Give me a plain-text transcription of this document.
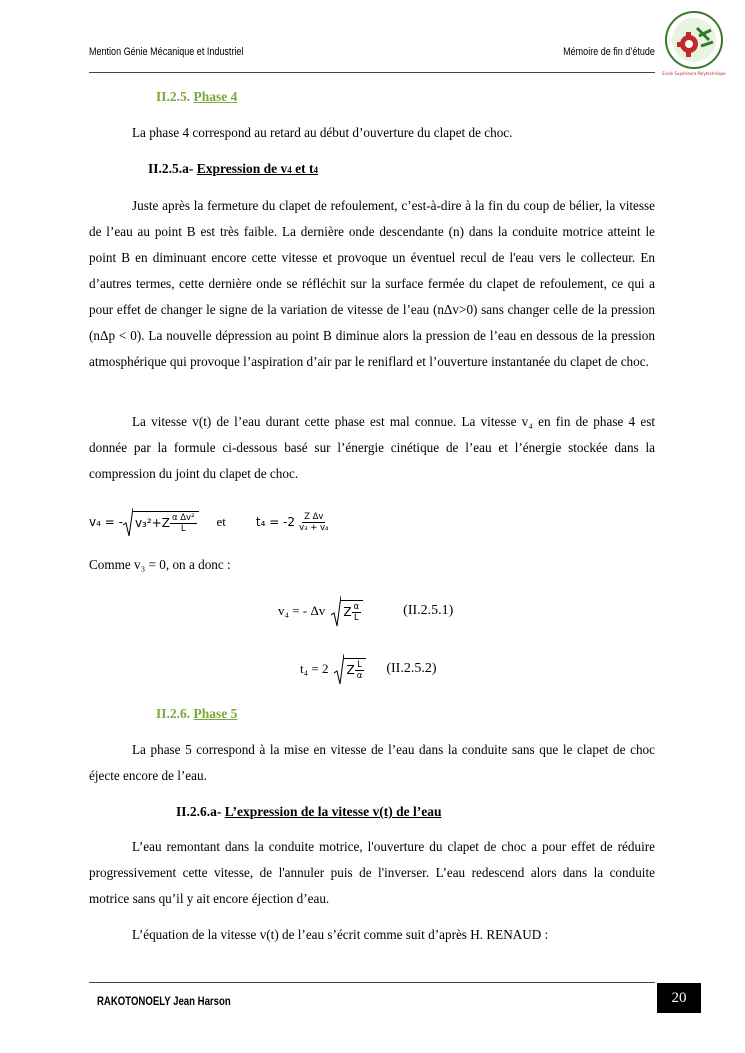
Mention Génie Mécanique et Industriel	Mémoire de fin d’étude
Ecole Supérieure Polytechnique
II.2.5. Phase 4
La phase 4 correspond au retard au début d’ouverture du clapet de choc.
II.2.5.a- Expression de v4 et t4
Juste après la fermeture du clapet de refoulement, c’est-à-dire à la fin du coup de bélier, la vitesse de l’eau au point B est très faible. La dernière onde descendante (n) dans la conduite motrice atteint le point B en diminuant encore cette vitesse et provoque un éventuel recul de l'eau vers le collecteur. En d’autres termes, cette dernière onde se réfléchit sur la surface fermée du clapet de refoulement, ce qui a pour effet de changer le signe de la variation de vitesse de l’eau (nΔv>0) sans changer celle de la pression (nΔp < 0). La nouvelle dépression au point B diminue alors la pression de l’eau en dessous de la pression atmosphérique qui provoque l’aspiration d’air par le reniflard et l’ouverture instantanée du clapet de choc.
La vitesse v(t) de l’eau durant cette phase est mal connue. La vitesse v₄ en fin de phase 4 est donnée par la formule ci-dessous basé sur l’énergie cinétique de l’eau et l’énergie stockée dans la compression du joint du clapet de choc.
v₄ = - $v_3^2+Z \frac{\text{α Δv²}}{L}$ et	$t_4 = -2 \frac{\text{Z Δv}}{\text{v₃ + v₄}}$
Comme v₃ = 0, on a donc :
v₄ = - Δv Z $\frac{\alpha}{L}$	(II.2.5.1)
t₄ = 2 Z $\frac{L}{\alpha} (II.2.5.2)$
II.2.6. Phase 5
La phase 5 correspond à la mise en vitesse de l’eau dans la conduite sans que le clapet de choc éjecte encore de l’eau.
II.2.6.a- L’expression de la vitesse v(t) de l’eau
L’eau remontant dans la conduite motrice, l'ouverture du clapet de choc a pour effet de réduire progressivement cette vitesse, de l'annuler puis de l'inverser. L’eau redescend alors dans la conduite motrice sans qu’il y ait encore éjection d’eau.
L’équation de la vitesse v(t) de l’eau s’écrit comme suit d’après H. RENAUD :
RAKOTONOELY Jean Harson	20
